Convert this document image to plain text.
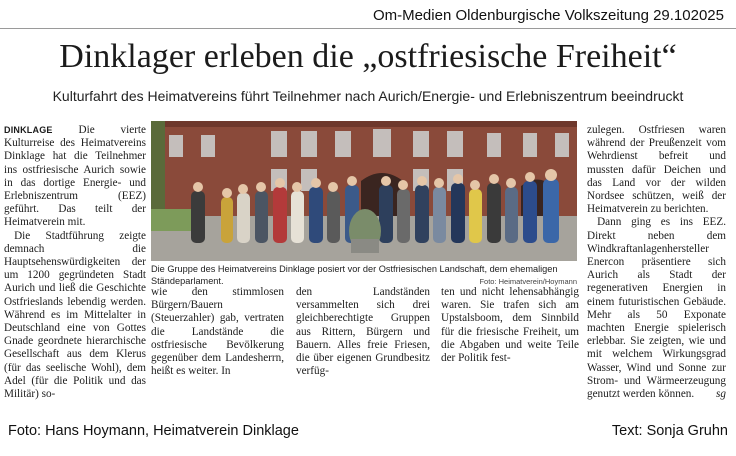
Om-Medien Oldenburgische Volkszeitung 29.102025
Dinklager erleben die „ostfriesische Freiheit“
Kulturfahrt des Heimatvereins führt Teilnehmer nach Aurich/Energie- und Erlebniszentrum beeindruckt

DINKLAGE Die vierte Kulturreise des Heimatvereins Dinklage hat die Teilnehmer ins ostfriesische Aurich sowie in das dortige Energie- und Erlebniszentrum (EEZ) geführt. Das teilt der Heimatverein mit.

Die Stadtführung zeigte demnach die Hauptsehenswürdigkeiten der um 1200 gegründeten Stadt Aurich und ließ die Geschichte Ostfrieslands lebendig werden. Während es im Mittelalter in Deutschland eine von Gottes Gnade geordnete hierarchische Gesellschaft aus dem Klerus (für das seelische Wohl), dem Adel (für die Politik und das Militär) so-

Die Gruppe des Heimatvereins Dinklage posiert vor der Ostfriesischen Landschaft, dem ehemaligen Ständeparlament.	Foto: Heimatverein/Hoymann

wie den stimmlosen Bürgern/Bauern (Steuerzahler) gab, vertraten die Landstände die ostfriesische Bevölkerung gegenüber dem Landesherrn, heißt es weiter. In

den Landständen versammelten sich drei gleichberechtigte Gruppen aus Rittern, Bürgern und Bauern. Alles freie Friesen, die über eigenen Grundbesitz verfüg-

ten und nicht lehensabhängig waren. Sie trafen sich am Upstalsboom, dem Sinnbild für die friesische Freiheit, um die Abgaben und weite Teile der Politik fest-

zulegen. Ostfriesen waren während der Preußenzeit vom Wehrdienst befreit und mussten dafür Deichen und das Land vor der wilden Nordsee schützen, weiß der Heimatverein zu berichten.

Dann ging es ins EEZ. Direkt neben dem Windkraftanlagenhersteller Enercon präsentiere sich Aurich als Stadt der regenerativen Energien in einem futuristischen Gebäude. Mehr als 50 Exponate machten Energie spielerisch erlebbar. Sie zeigten, wie und mit welchem Wirkungsgrad Wasser, Wind und Sonne zur Strom- und Wärmeerzeugung genutzt werden können.	sg

Foto: Hans Hoymann, Heimatverein Dinklage	Text: Sonja Gruhn
